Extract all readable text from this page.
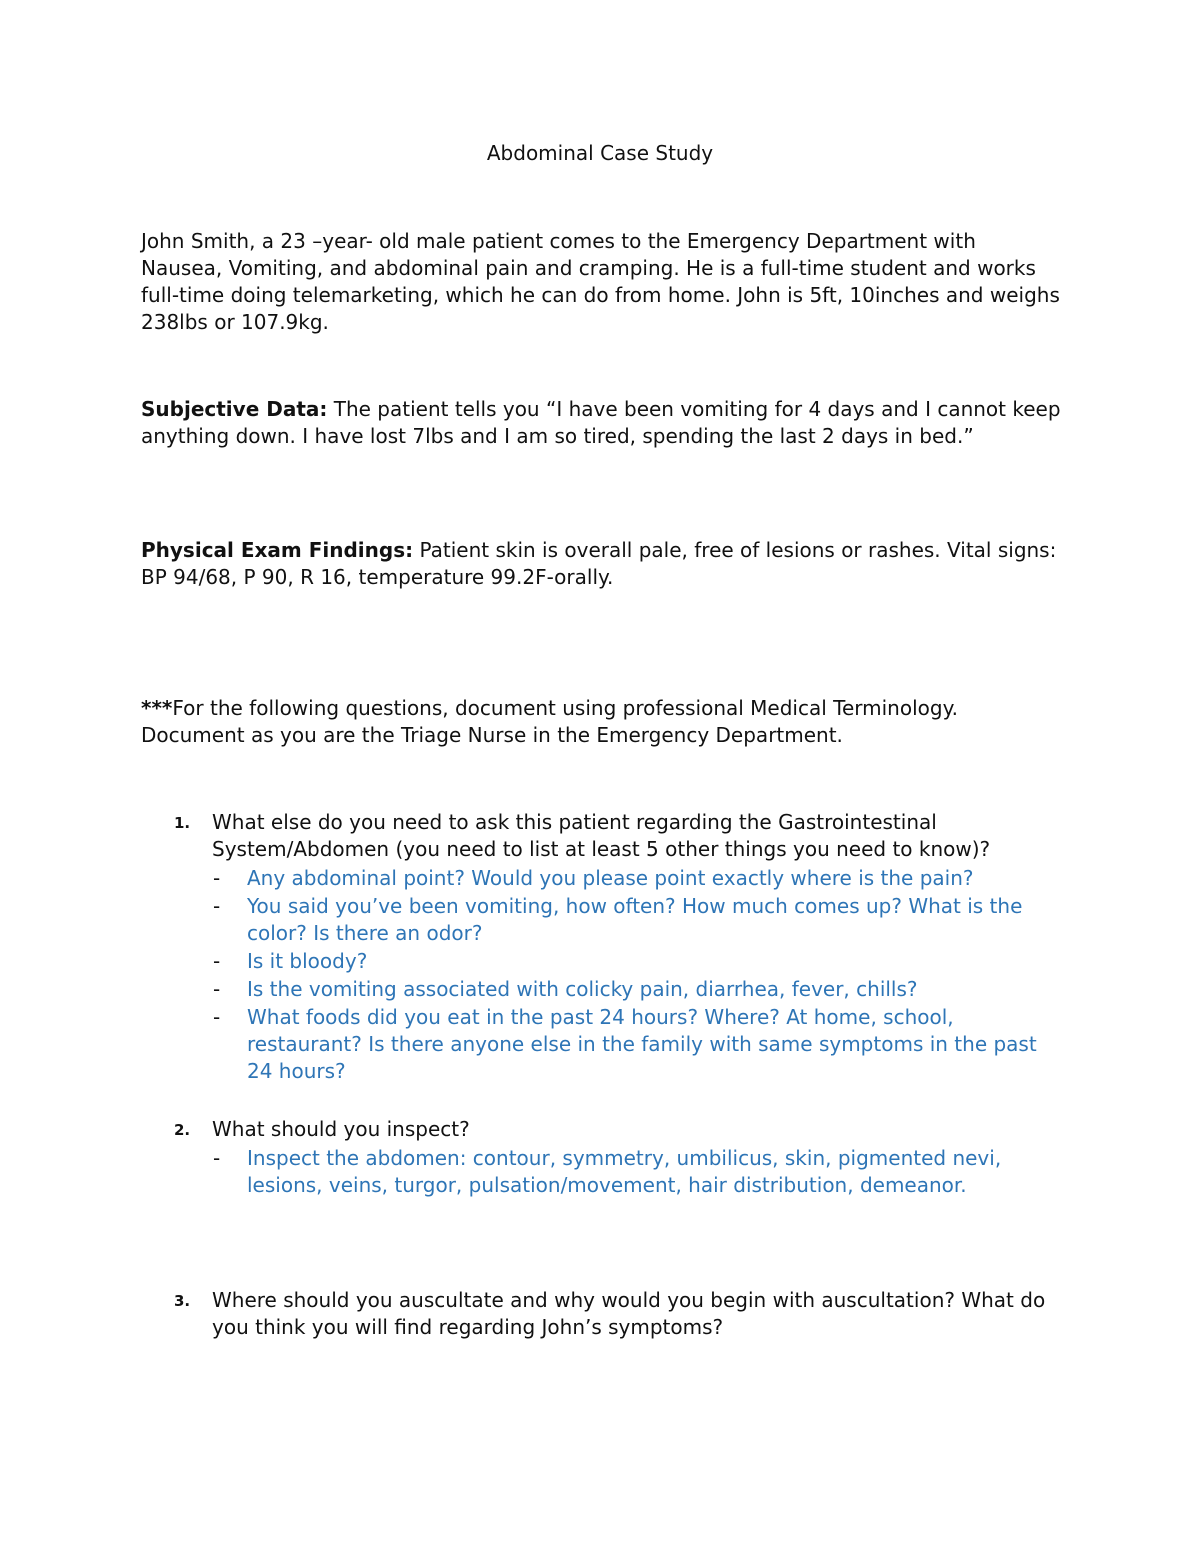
Abdominal Case Study
John Smith, a 23 –year- old male patient comes to the Emergency Department with Nausea, Vomiting, and abdominal pain and cramping. He is a full-time student and works full-time doing telemarketing, which he can do from home. John is 5ft, 10inches and weighs 238lbs or 107.9kg.
Subjective Data: The patient tells you “I have been vomiting for 4 days and I cannot keep anything down. I have lost 7lbs and I am so tired, spending the last 2 days in bed.”
Physical Exam Findings: Patient skin is overall pale, free of lesions or rashes. Vital signs: BP 94/68, P 90, R 16, temperature 99.2F-orally.
***For the following questions, document using professional Medical Terminology.
Document as you are the Triage Nurse in the Emergency Department.
1. What else do you need to ask this patient regarding the Gastrointestinal System/Abdomen (you need to list at least 5 other things you need to know)?
- Any abdominal point? Would you please point exactly where is the pain?
- You said you’ve been vomiting, how often? How much comes up? What is the color? Is there an odor?
- Is it bloody?
- Is the vomiting associated with colicky pain, diarrhea, fever, chills?
- What foods did you eat in the past 24 hours? Where? At home, school, restaurant? Is there anyone else in the family with same symptoms in the past 24 hours?
2. What should you inspect?
- Inspect the abdomen: contour, symmetry, umbilicus, skin, pigmented nevi, lesions, veins, turgor, pulsation/movement, hair distribution, demeanor.
3. Where should you auscultate and why would you begin with auscultation? What do you think you will find regarding John’s symptoms?
